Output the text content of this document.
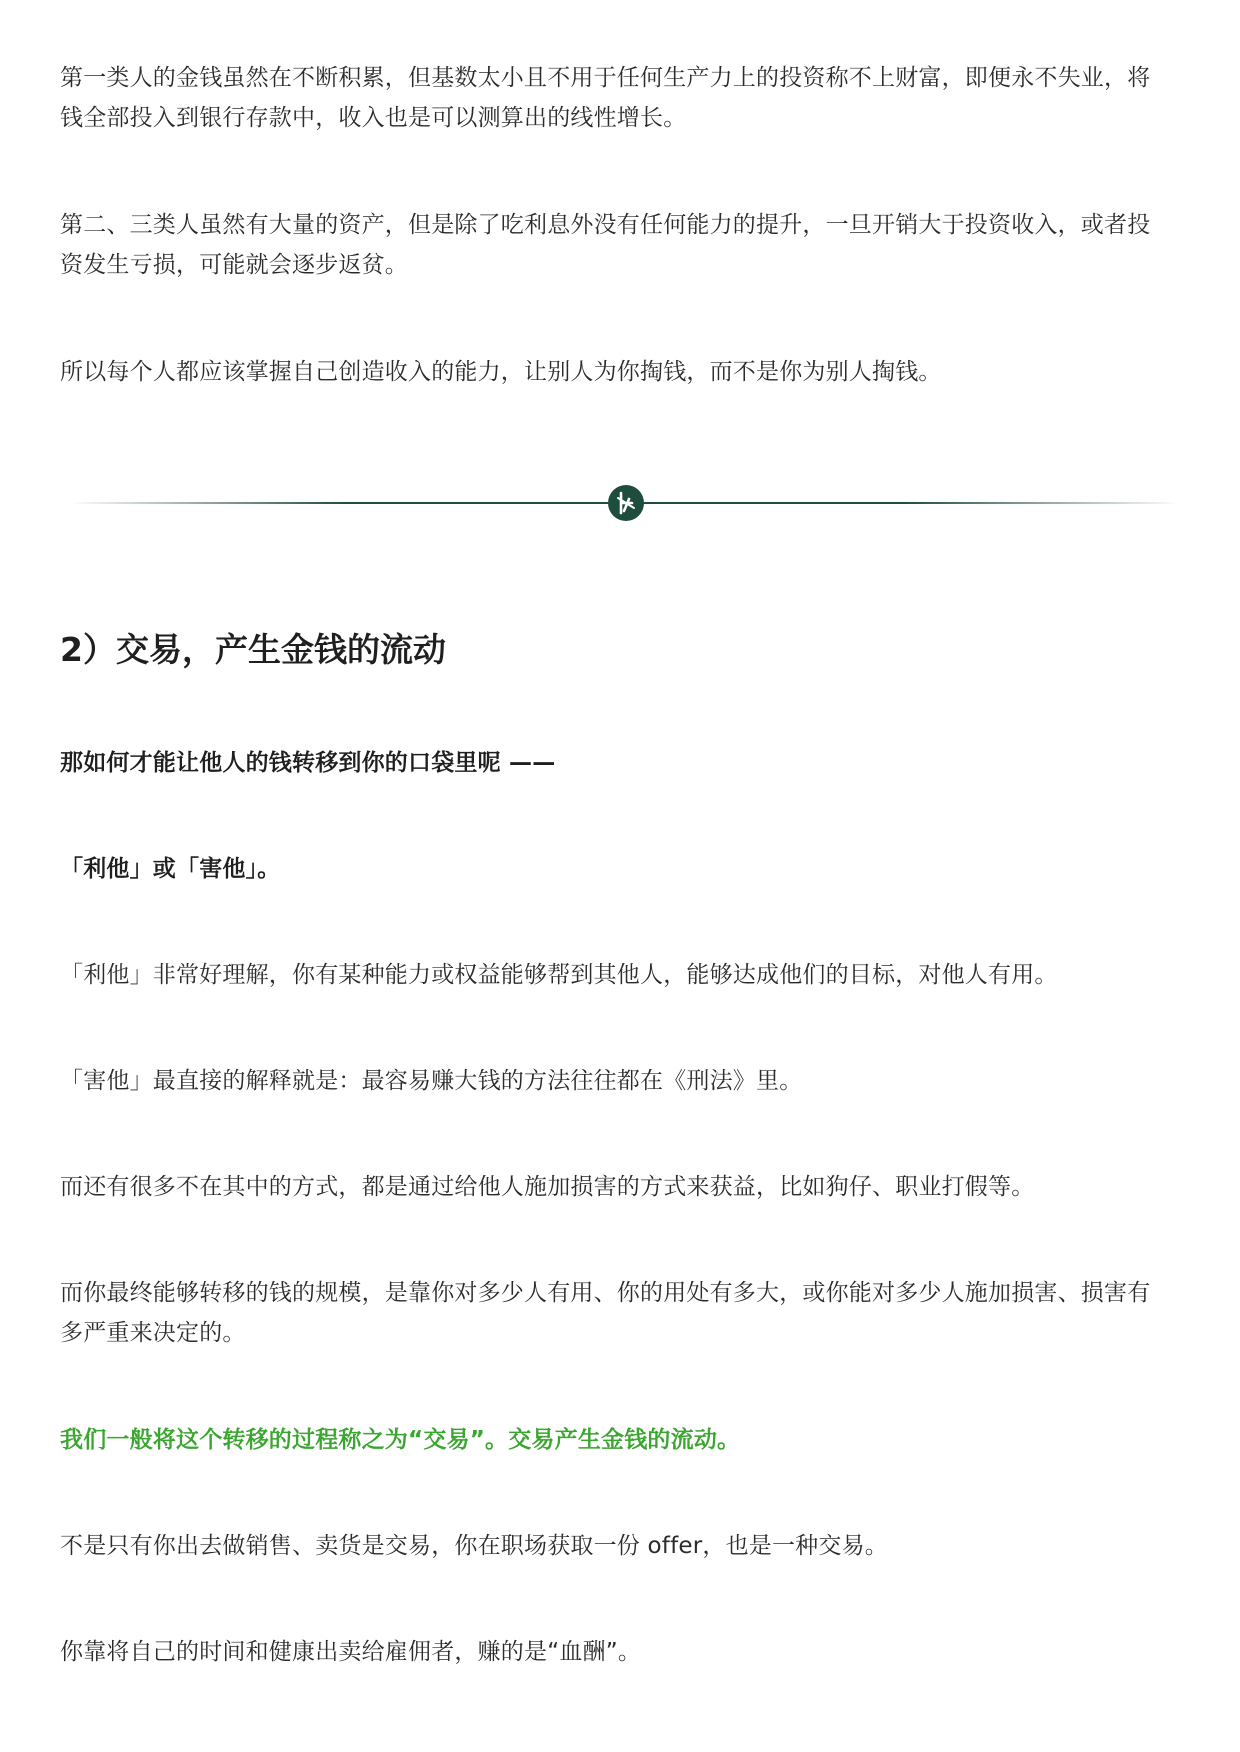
第一类人的金钱虽然在不断积累，但基数太小且不用于任何生产力上的投资称不上财富，即便永不失业，将钱全部投入到银行存款中，收入也是可以测算出的线性增长。

第二、三类人虽然有大量的资产，但是除了吃利息外没有任何能力的提升，一旦开销大于投资收入，或者投资发生亏损，可能就会逐步返贫。

所以每个人都应该掌握自己创造收入的能力，让别人为你掏钱，而不是你为别人掏钱。

2）交易，产生金钱的流动

那如何才能让他人的钱转移到你的口袋里呢 ——

「利他」或「害他」。

「利他」非常好理解，你有某种能力或权益能够帮到其他人，能够达成他们的目标，对他人有用。

「害他」最直接的解释就是：最容易赚大钱的方法往往都在《刑法》里。

而还有很多不在其中的方式，都是通过给他人施加损害的方式来获益，比如狗仔、职业打假等。

而你最终能够转移的钱的规模，是靠你对多少人有用、你的用处有多大，或你能对多少人施加损害、损害有多严重来决定的。

我们一般将这个转移的过程称之为“交易”。交易产生金钱的流动。

不是只有你出去做销售、卖货是交易，你在职场获取一份 offer，也是一种交易。

你靠将自己的时间和健康出卖给雇佣者，赚的是“血酬”。
